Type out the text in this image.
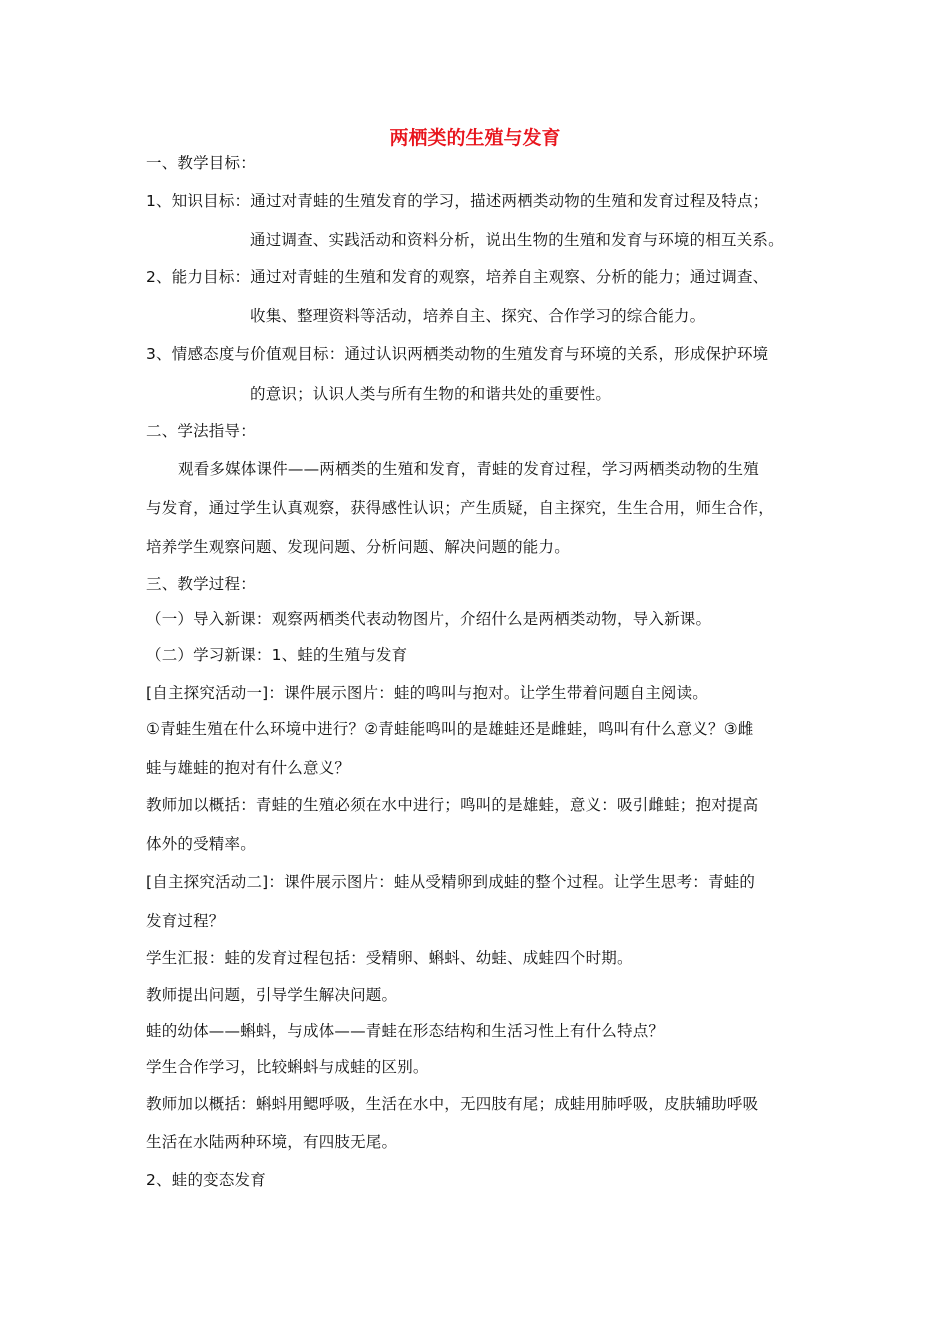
两栖类的生殖与发育
一、教学目标：
1、知识目标：通过对青蛙的生殖发育的学习，描述两栖类动物的生殖和发育过程及特点；
通过调查、实践活动和资料分析，说出生物的生殖和发育与环境的相互关系。
2、能力目标：通过对青蛙的生殖和发育的观察，培养自主观察、分析的能力；通过调查、
收集、整理资料等活动，培养自主、探究、合作学习的综合能力。
3、情感态度与价值观目标：通过认识两栖类动物的生殖发育与环境的关系，形成保护环境
的意识；认识人类与所有生物的和谐共处的重要性。
二、学法指导：
观看多媒体课件——两栖类的生殖和发育，青蛙的发育过程，学习两栖类动物的生殖
与发育，通过学生认真观察，获得感性认识；产生质疑，自主探究，生生合用，师生合作，
培养学生观察问题、发现问题、分析问题、解决问题的能力。
三、教学过程：
（一）导入新课：观察两栖类代表动物图片，介绍什么是两栖类动物，导入新课。
（二）学习新课：1、蛙的生殖与发育
[自主探究活动一]：课件展示图片：蛙的鸣叫与抱对。让学生带着问题自主阅读。
①青蛙生殖在什么环境中进行？②青蛙能鸣叫的是雄蛙还是雌蛙，鸣叫有什么意义？③雌
蛙与雄蛙的抱对有什么意义？
教师加以概括：青蛙的生殖必须在水中进行；鸣叫的是雄蛙，意义：吸引雌蛙；抱对提高
体外的受精率。
[自主探究活动二]：课件展示图片：蛙从受精卵到成蛙的整个过程。让学生思考：青蛙的
发育过程？
学生汇报：蛙的发育过程包括：受精卵、蝌蚪、幼蛙、成蛙四个时期。
教师提出问题，引导学生解决问题。
蛙的幼体——蝌蚪，与成体——青蛙在形态结构和生活习性上有什么特点？
学生合作学习，比较蝌蚪与成蛙的区别。
教师加以概括：蝌蚪用鳃呼吸，生活在水中，无四肢有尾；成蛙用肺呼吸，皮肤辅助呼吸
生活在水陆两种环境，有四肢无尾。
2、蛙的变态发育
